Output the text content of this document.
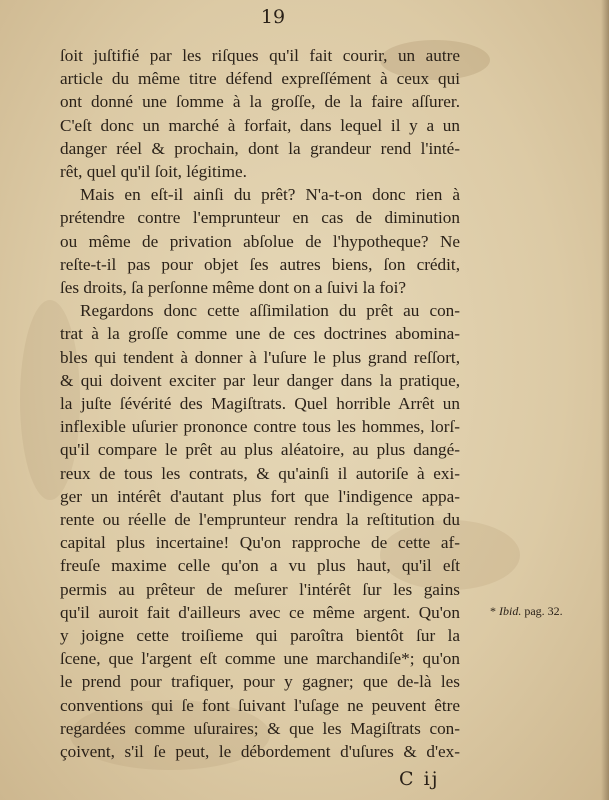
19
ſoit juſtifié par les riſques qu'il fait courir, un autre
article du même titre défend expreſſément à ceux qui
ont donné une ſomme à la groſſe, de la faire aſſurer.
C'eſt donc un marché à forfait, dans lequel il y a un
danger réel & prochain, dont la grandeur rend l'inté-
rêt, quel qu'il ſoit, légitime.
Mais en eſt-il ainſi du prêt? N'a-t-on donc rien à
prétendre contre l'emprunteur en cas de diminution
ou même de privation abſolue de l'hypotheque? Ne
reſte-t-il pas pour objet ſes autres biens, ſon crédit,
ſes droits, ſa perſonne même dont on a ſuivi la foi?
Regardons donc cette aſſimilation du prêt au con-
trat à la groſſe comme une de ces doctrines abomina-
bles qui tendent à donner à l'uſure le plus grand reſſort,
& qui doivent exciter par leur danger dans la pratique,
la juſte ſévérité des Magiſtrats. Quel horrible Arrêt un
inflexible uſurier prononce contre tous les hommes, lorſ-
qu'il compare le prêt au plus aléatoire, au plus dangé-
reux de tous les contrats, & qu'ainſi il autoriſe à exi-
ger un intérêt d'autant plus fort que l'indigence appa-
rente ou réelle de l'emprunteur rendra la reſtitution du
capital plus incertaine! Qu'on rapproche de cette af-
freuſe maxime celle qu'on a vu plus haut, qu'il eſt
permis au prêteur de meſurer l'intérêt ſur les gains
qu'il auroit fait d'ailleurs avec ce même argent. Qu'on
y joigne cette troiſieme qui paroîtra bientôt ſur la
ſcene, que l'argent eſt comme une marchandiſe*; qu'on
le prend pour trafiquer, pour y gagner; que de-là les
conventions qui ſe font ſuivant l'uſage ne peuvent être
regardées comme uſuraires; & que les Magiſtrats con-
çoivent, s'il ſe peut, le débordement d'uſures & d'ex-
* Ibid. pag. 32.
C ij
